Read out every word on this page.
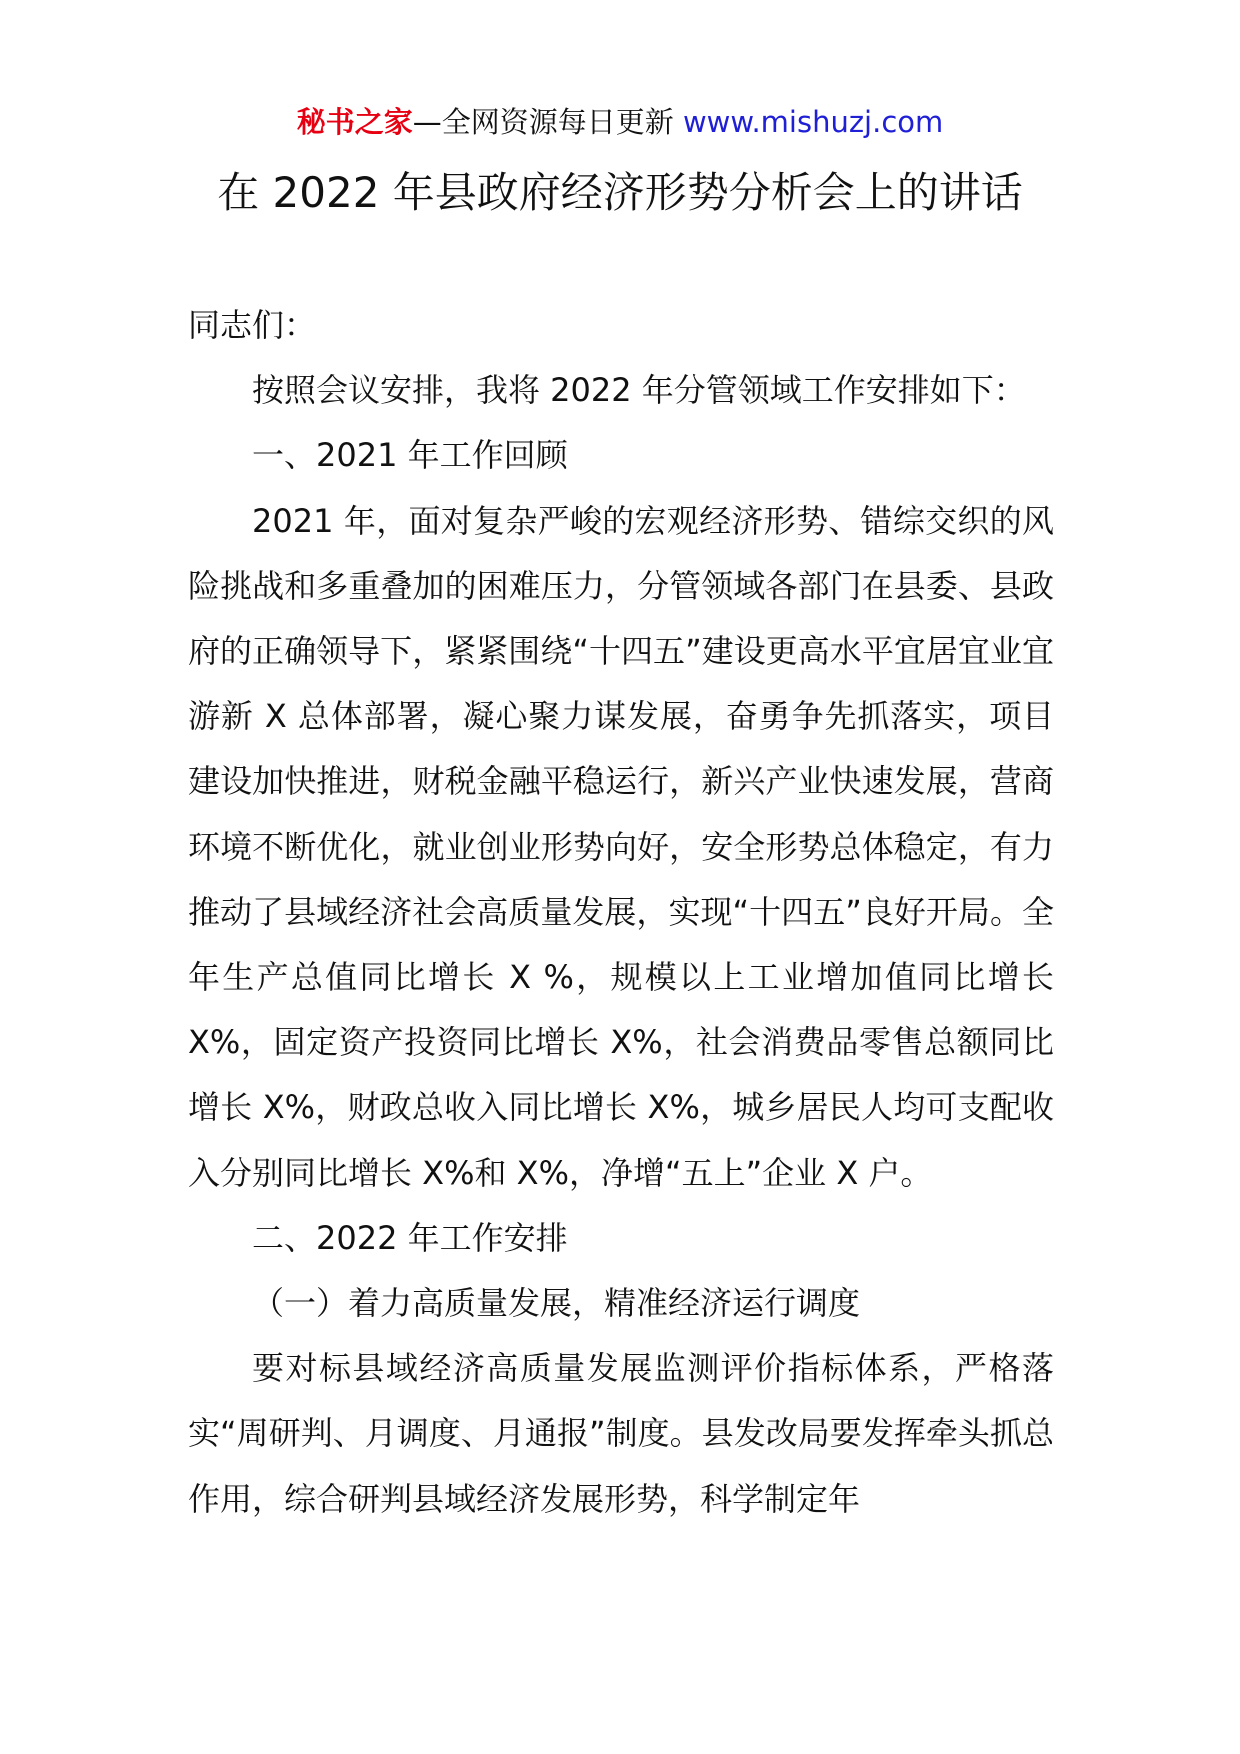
秘书之家—全网资源每日更新 www.mishuzj.com
在 2022 年县政府经济形势分析会上的讲话

同志们：

按照会议安排，我将 2022 年分管领域工作安排如下：

一、2021 年工作回顾

2021 年，面对复杂严峻的宏观经济形势、错综交织的风险挑战和多重叠加的困难压力，分管领域各部门在县委、县政府的正确领导下，紧紧围绕“十四五”建设更高水平宜居宜业宜游新 X 总体部署，凝心聚力谋发展，奋勇争先抓落实，项目建设加快推进，财税金融平稳运行，新兴产业快速发展，营商环境不断优化，就业创业形势向好，安全形势总体稳定，有力推动了县域经济社会高质量发展，实现“十四五”良好开局。全年生产总值同比增长 X %，规模以上工业增加值同比增长 X%，固定资产投资同比增长 X%，社会消费品零售总额同比增长 X%，财政总收入同比增长 X%，城乡居民人均可支配收入分别同比增长 X%和 X%，净增“五上”企业 X 户。

二、2022 年工作安排

（一）着力高质量发展，精准经济运行调度

要对标县域经济高质量发展监测评价指标体系，严格落实“周研判、月调度、月通报”制度。县发改局要发挥牵头抓总作用，综合研判县域经济发展形势，科学制定年
